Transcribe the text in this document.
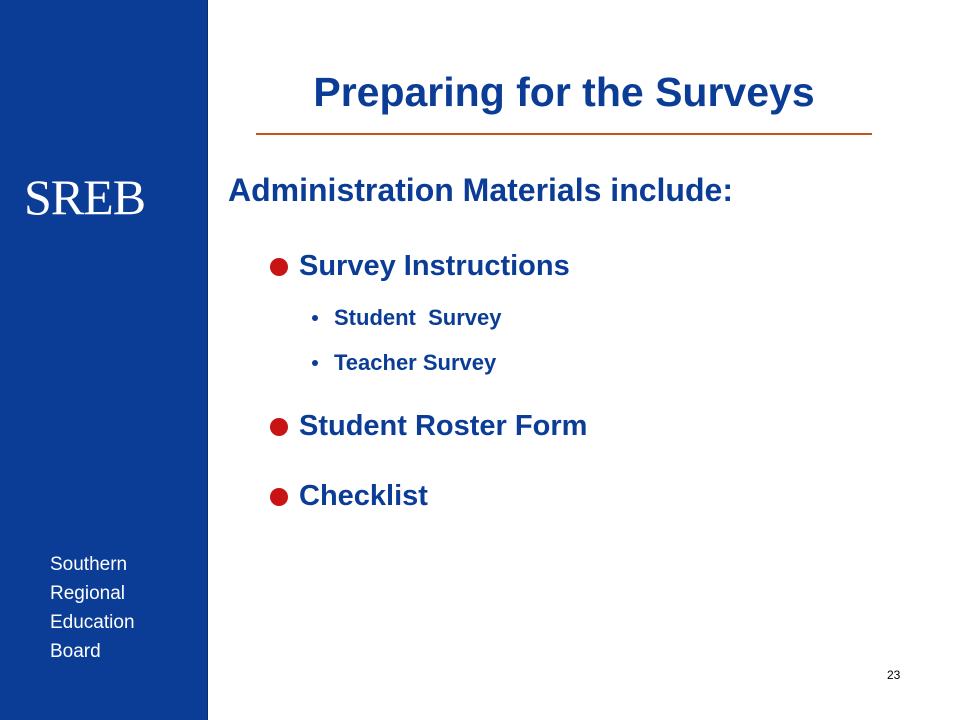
SREB
Southern
Regional
Education
Board
Preparing for the Surveys
Administration Materials include:
Survey Instructions
Student  Survey
Teacher Survey
Student Roster Form
Checklist
23
